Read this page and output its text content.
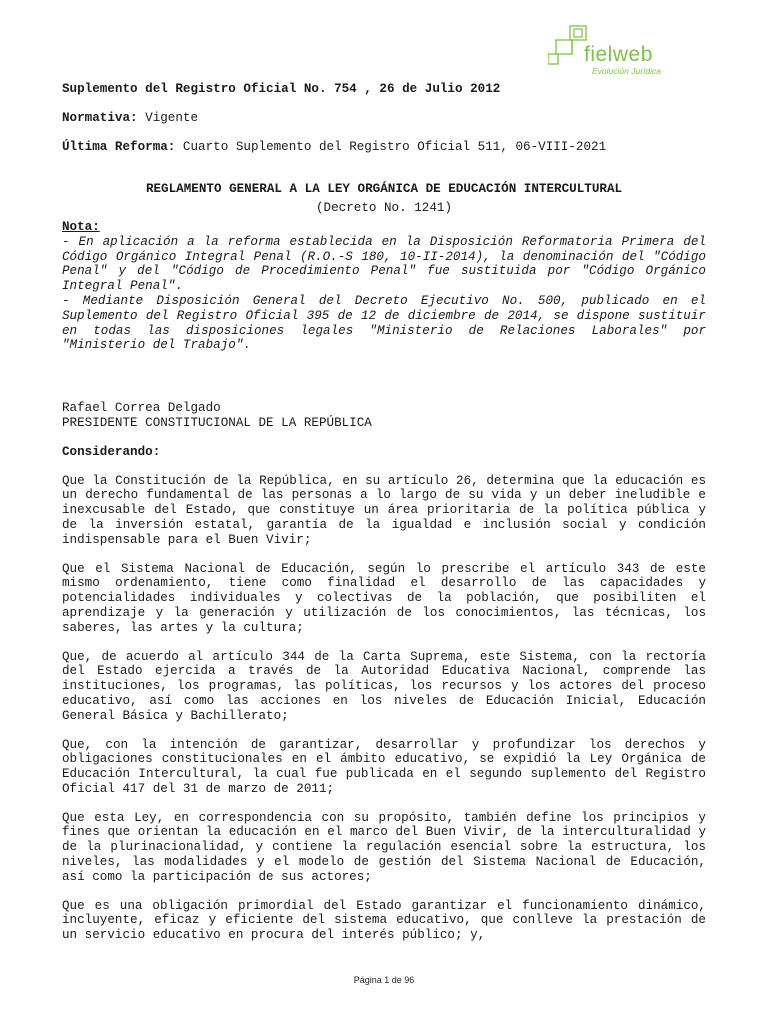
fielweb
Evolución Jurídica
Suplemento del Registro Oficial No. 754 , 26 de Julio 2012
Normativa: Vigente
Última Reforma: Cuarto Suplemento del Registro Oficial 511, 06-VIII-2021
REGLAMENTO GENERAL A LA LEY ORGÁNICA DE EDUCACIÓN INTERCULTURAL
(Decreto No. 1241)
Nota:

- En aplicación a la reforma establecida en la Disposición Reformatoria Primera del Código Orgánico Integral Penal (R.O.-S 180, 10-II-2014), la denominación del "Código Penal" y del "Código de Procedimiento Penal" fue sustituida por "Código Orgánico Integral Penal".

- Mediante Disposición General del Decreto Ejecutivo No. 500, publicado en el Suplemento del Registro Oficial 395 de 12 de diciembre de 2014, se dispone sustituir en todas las disposiciones legales "Ministerio de Relaciones Laborales" por "Ministerio del Trabajo".

Rafael Correa Delgado
PRESIDENTE CONSTITUCIONAL DE LA REPÚBLICA
Considerando:

Que la Constitución de la República, en su artículo 26, determina que la educación es un derecho fundamental de las personas a lo largo de su vida y un deber ineludible e inexcusable del Estado, que constituye un área prioritaria de la política pública y de la inversión estatal, garantía de la igualdad e inclusión social y condición indispensable para el Buen Vivir;

Que el Sistema Nacional de Educación, según lo prescribe el artículo 343 de este mismo ordenamiento, tiene como finalidad el desarrollo de las capacidades y potencialidades individuales y colectivas de la población, que posibiliten el aprendizaje y la generación y utilización de los conocimientos, las técnicas, los saberes, las artes y la cultura;

Que, de acuerdo al artículo 344 de la Carta Suprema, este Sistema, con la rectoría del Estado ejercida a través de la Autoridad Educativa Nacional, comprende las instituciones, los programas, las políticas, los recursos y los actores del proceso educativo, así como las acciones en los niveles de Educación Inicial, Educación General Básica y Bachillerato;

Que, con la intención de garantizar, desarrollar y profundizar los derechos y obligaciones constitucionales en el ámbito educativo, se expidió la Ley Orgánica de Educación Intercultural, la cual fue publicada en el segundo suplemento del Registro Oficial 417 del 31 de marzo de 2011;

Que esta Ley, en correspondencia con su propósito, también define los principios y fines que orientan la educación en el marco del Buen Vivir, de la interculturalidad y de la plurinacionalidad, y contiene la regulación esencial sobre la estructura, los niveles, las modalidades y el modelo de gestión del Sistema Nacional de Educación, así como la participación de sus actores;

Que es una obligación primordial del Estado garantizar el funcionamiento dinámico, incluyente, eficaz y eficiente del sistema educativo, que conlleve la prestación de un servicio educativo en procura del interés público; y,

Página 1 de 96
